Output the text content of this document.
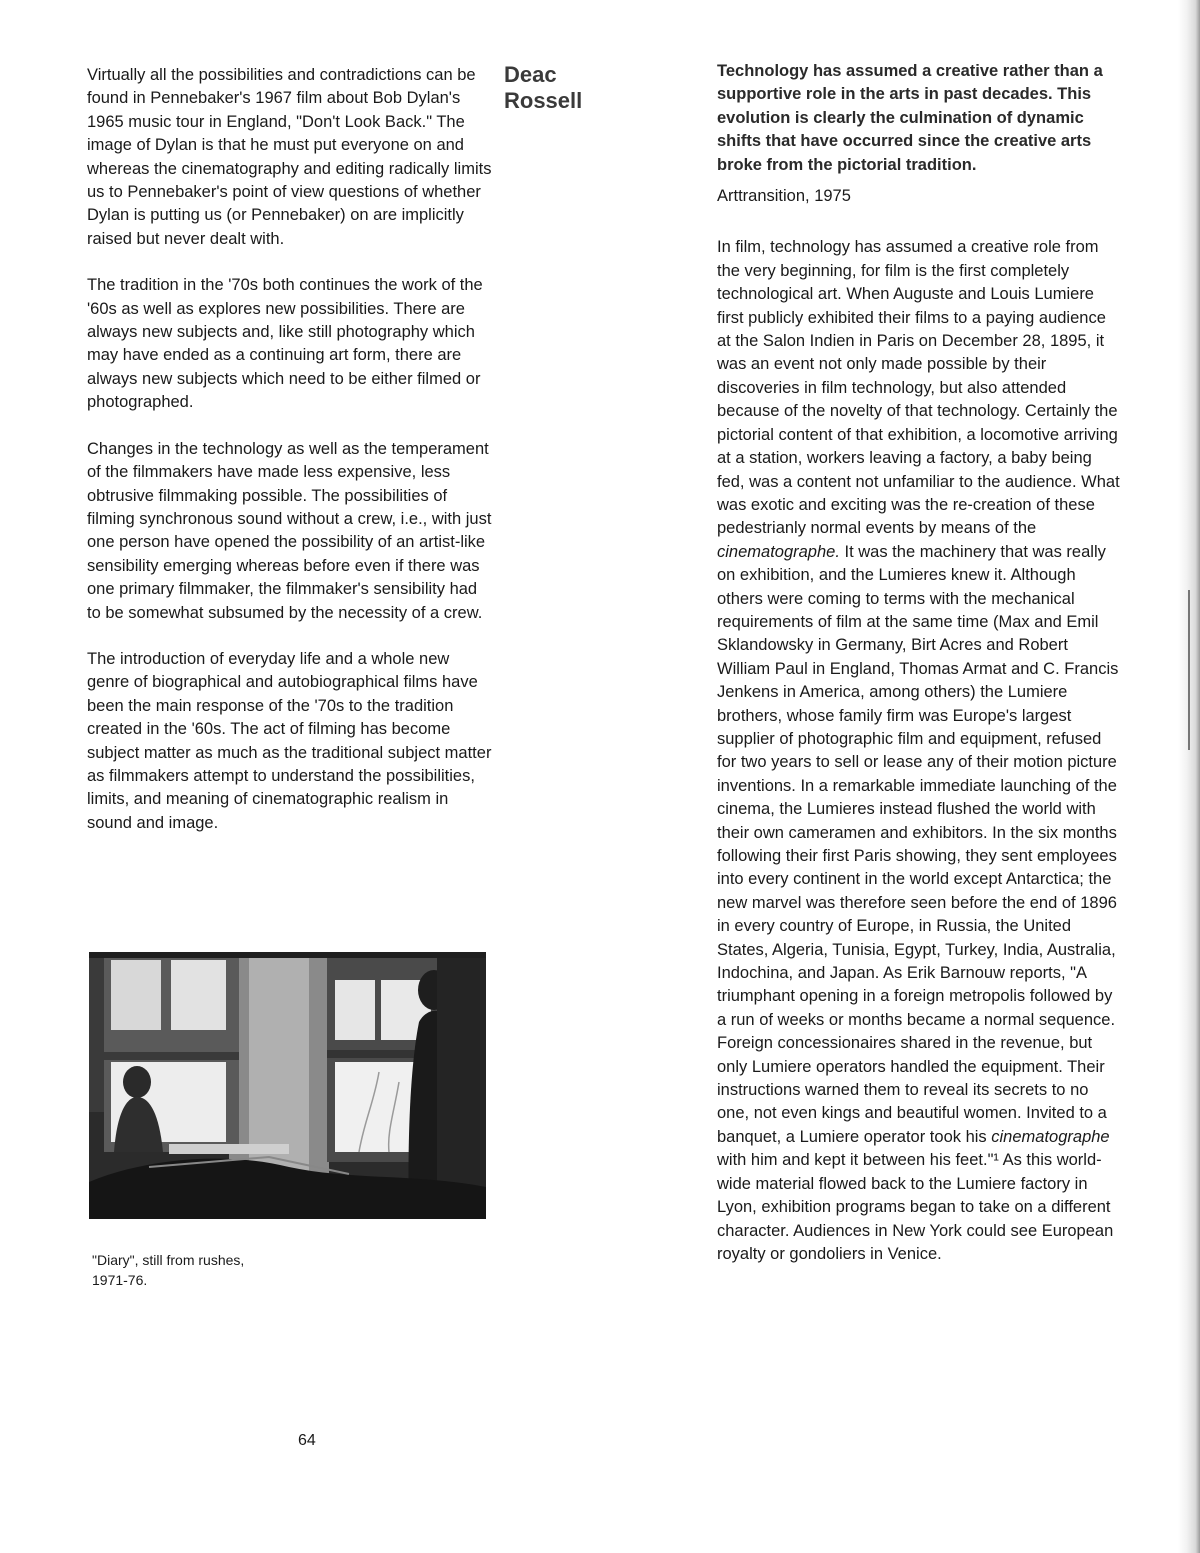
Virtually all the possibilities and contradictions can be found in Pennebaker's 1967 film about Bob Dylan's 1965 music tour in England, "Don't Look Back." The image of Dylan is that he must put everyone on and whereas the cinematography and editing radically limits us to Pennebaker's point of view questions of whether Dylan is putting us (or Pennebaker) on are implicitly raised but never dealt with.

The tradition in the '70s both continues the work of the '60s as well as explores new possibilities. There are always new subjects and, like still photography which may have ended as a continuing art form, there are always new subjects which need to be either filmed or photographed.

Changes in the technology as well as the temperament of the filmmakers have made less expensive, less obtrusive filmmaking possible. The possibilities of filming synchronous sound without a crew, i.e., with just one person have opened the possibility of an artist-like sensibility emerging whereas before even if there was one primary filmmaker, the filmmaker's sensibility had to be somewhat subsumed by the necessity of a crew.

The introduction of everyday life and a whole new genre of biographical and autobiographical films have been the main response of the '70s to the tradition created in the '60s. The act of filming has become subject matter as much as the traditional subject matter as filmmakers attempt to understand the possibilities, limits, and meaning of cinematographic realism in sound and image.

Deac
Rossell

Technology has assumed a creative rather than a supportive role in the arts in past decades. This evolution is clearly the culmination of dynamic shifts that have occurred since the creative arts broke from the pictorial tradition.

Arttransition, 1975

In film, technology has assumed a creative role from the very beginning, for film is the first completely technological art. When Auguste and Louis Lumiere first publicly exhibited their films to a paying audience at the Salon Indien in Paris on December 28, 1895, it was an event not only made possible by their discoveries in film technology, but also attended because of the novelty of that technology. Certainly the pictorial content of that exhibition, a locomotive arriving at a station, workers leaving a factory, a baby being fed, was a content not unfamiliar to the audience. What was exotic and exciting was the re-creation of these pedestrianly normal events by means of the cinematographe. It was the machinery that was really on exhibition, and the Lumieres knew it. Although others were coming to terms with the mechanical requirements of film at the same time (Max and Emil Sklandowsky in Germany, Birt Acres and Robert William Paul in England, Thomas Armat and C. Francis Jenkens in America, among others) the Lumiere brothers, whose family firm was Europe's largest supplier of photographic film and equipment, refused for two years to sell or lease any of their motion picture inventions. In a remarkable immediate launching of the cinema, the Lumieres instead flushed the world with their own cameramen and exhibitors. In the six months following their first Paris showing, they sent employees into every continent in the world except Antarctica; the new marvel was therefore seen before the end of 1896 in every country of Europe, in Russia, the United States, Algeria, Tunisia, Egypt, Turkey, India, Australia, Indochina, and Japan. As Erik Barnouw reports, "A triumphant opening in a foreign metropolis followed by a run of weeks or months became a normal sequence. Foreign concessionaires shared in the revenue, but only Lumiere operators handled the equipment. Their instructions warned them to reveal its secrets to no one, not even kings and beautiful women. Invited to a banquet, a Lumiere operator took his cinematographe with him and kept it between his feet."¹ As this world-wide material flowed back to the Lumiere factory in Lyon, exhibition programs began to take on a different character. Audiences in New York could see European royalty or gondoliers in Venice.

"Diary", still from rushes,
1971-76.

64
